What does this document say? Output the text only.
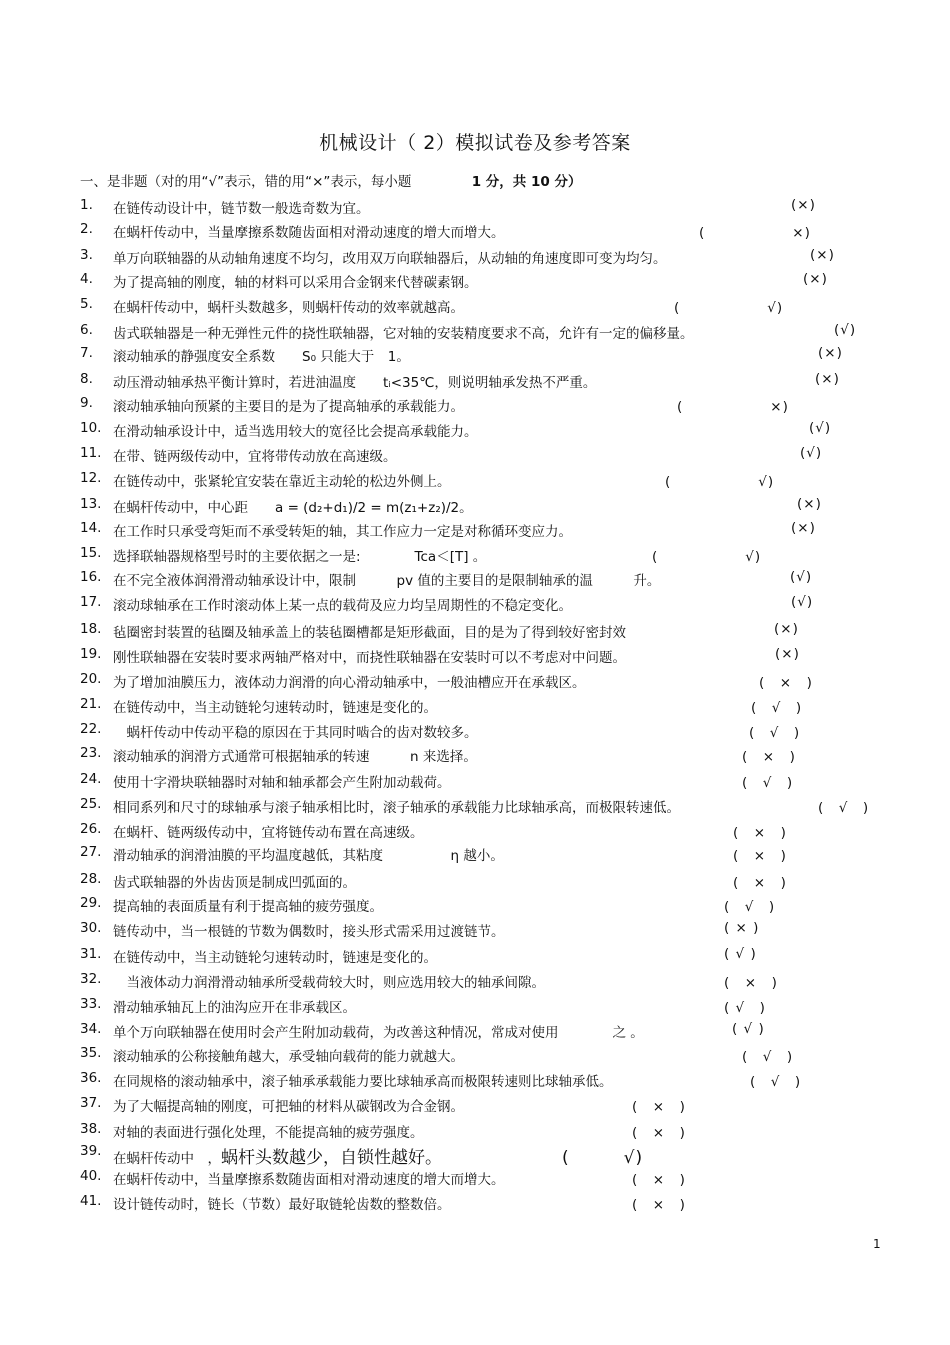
机械设计（ 2）模拟试卷及参考答案
一、是非题（对的用“√”表示，错的用“×”表示，每小题	1 分，共 10 分）
1. 在链传动设计中，链节数一般选奇数为宜。	(×)
2. 在蜗杆传动中，当量摩擦系数随齿面相对滑动速度的增大而增大。	(　　　　　　×)
3. 单万向联轴器的从动轴角速度不均匀，改用双万向联轴器后，从动轴的角速度即可变为均匀。	(×)
4. 为了提高轴的刚度，轴的材料可以采用合金钢来代替碳素钢。	(×)
5. 在蜗杆传动中，蜗杆头数越多，则蜗杆传动的效率就越高。	(　　　　　　√)
6. 齿式联轴器是一种无弹性元件的挠性联轴器，它对轴的安装精度要求不高，允许有一定的偏移量。	(√)
7. 滚动轴承的静强度安全系数　　S₀ 只能大于　1。	(×)
8. 动压滑动轴承热平衡计算时，若进油温度　　tᵢ<35℃，则说明轴承发热不严重。	(×)
9. 滚动轴承轴向预紧的主要目的是为了提高轴承的承载能力。	(　　　　　　×)
10. 在滑动轴承设计中，适当选用较大的宽径比会提高承载能力。	(√)
11. 在带、链两级传动中，宜将带传动放在高速级。	(√)
12. 在链传动中，张紧轮宜安装在靠近主动轮的松边外侧上。	(　　　　　　√)
13. 在蜗杆传动中，中心距　　a = (d₂+d₁)/2 = m(z₁+z₂)/2。	(×)
14. 在工作时只承受弯矩而不承受转矩的轴，其工作应力一定是对称循环变应力。	(×)
15. 选择联轴器规格型号时的主要依据之一是:　　　　Tca＜[T] 。	(　　　　　　√)
16. 在不完全液体润滑滑动轴承设计中，限制　　　pv 值的主要目的是限制轴承的温　　　升。	(√)
17. 滚动球轴承在工作时滚动体上某一点的载荷及应力均呈周期性的不稳定变化。	(√)
18. 毡圈密封装置的毡圈及轴承盖上的装毡圈槽都是矩形截面，目的是为了得到较好密封效	(×)
19. 刚性联轴器在安装时要求两轴严格对中，而挠性联轴器在安装时可以不考虑对中问题。	(×)
20. 为了增加油膜压力，液体动力润滑的向心滑动轴承中，一般油槽应开在承载区。	(　×　)
21. 在链传动中，当主动链轮匀速转动时，链速是变化的。	(　√　)
22. 　蜗杆传动中传动平稳的原因在于其同时啮合的齿对数较多。	(　√　)
23. 滚动轴承的润滑方式通常可根据轴承的转速　　　n 来选择。	(　×　)
24. 使用十字滑块联轴器时对轴和轴承都会产生附加动载荷。	(　√　)
25. 相同系列和尺寸的球轴承与滚子轴承相比时，滚子轴承的承载能力比球轴承高，而极限转速低。	(　√　)
26. 在蜗杆、链两级传动中，宜将链传动布置在高速级。	(　×　)
27. 滑动轴承的润滑油膜的平均温度越低，其粘度　　　　　η 越小。	(　×　)
28. 齿式联轴器的外齿齿顶是制成凹弧面的。	(　×　)
29. 提高轴的表面质量有利于提高轴的疲劳强度。	(　√　)
30. 链传动中，当一根链的节数为偶数时，接头形式需采用过渡链节。	( × )
31. 在链传动中，当主动链轮匀速转动时，链速是变化的。	( √ )
32. 　当液体动力润滑滑动轴承所受载荷较大时，则应选用较大的轴承间隙。	(　×　)
33. 滑动轴承轴瓦上的油沟应开在非承载区。	( √　)
34. 单个万向联轴器在使用时会产生附加动载荷，为改善这种情况，常成对使用　　　　之 。	( √ )
35. 滚动轴承的公称接触角越大，承受轴向载荷的能力就越大。	(　√　)
36. 在同规格的滚动轴承中，滚子轴承承载能力要比球轴承高而极限转速则比球轴承低。	(　√　)
37. 为了大幅提高轴的刚度，可把轴的材料从碳钢改为合金钢。	(　×　)
38. 对轴的表面进行强化处理，不能提高轴的疲劳强度。	(　×　)
39. 在蜗杆传动中　，蜗杆头数越少，自锁性越好。	(　　　√)
40. 在蜗杆传动中，当量摩擦系数随齿面相对滑动速度的增大而增大。	(　×　)
41. 设计链传动时，链长（节数）最好取链轮齿数的整数倍。	(　×　)
1
